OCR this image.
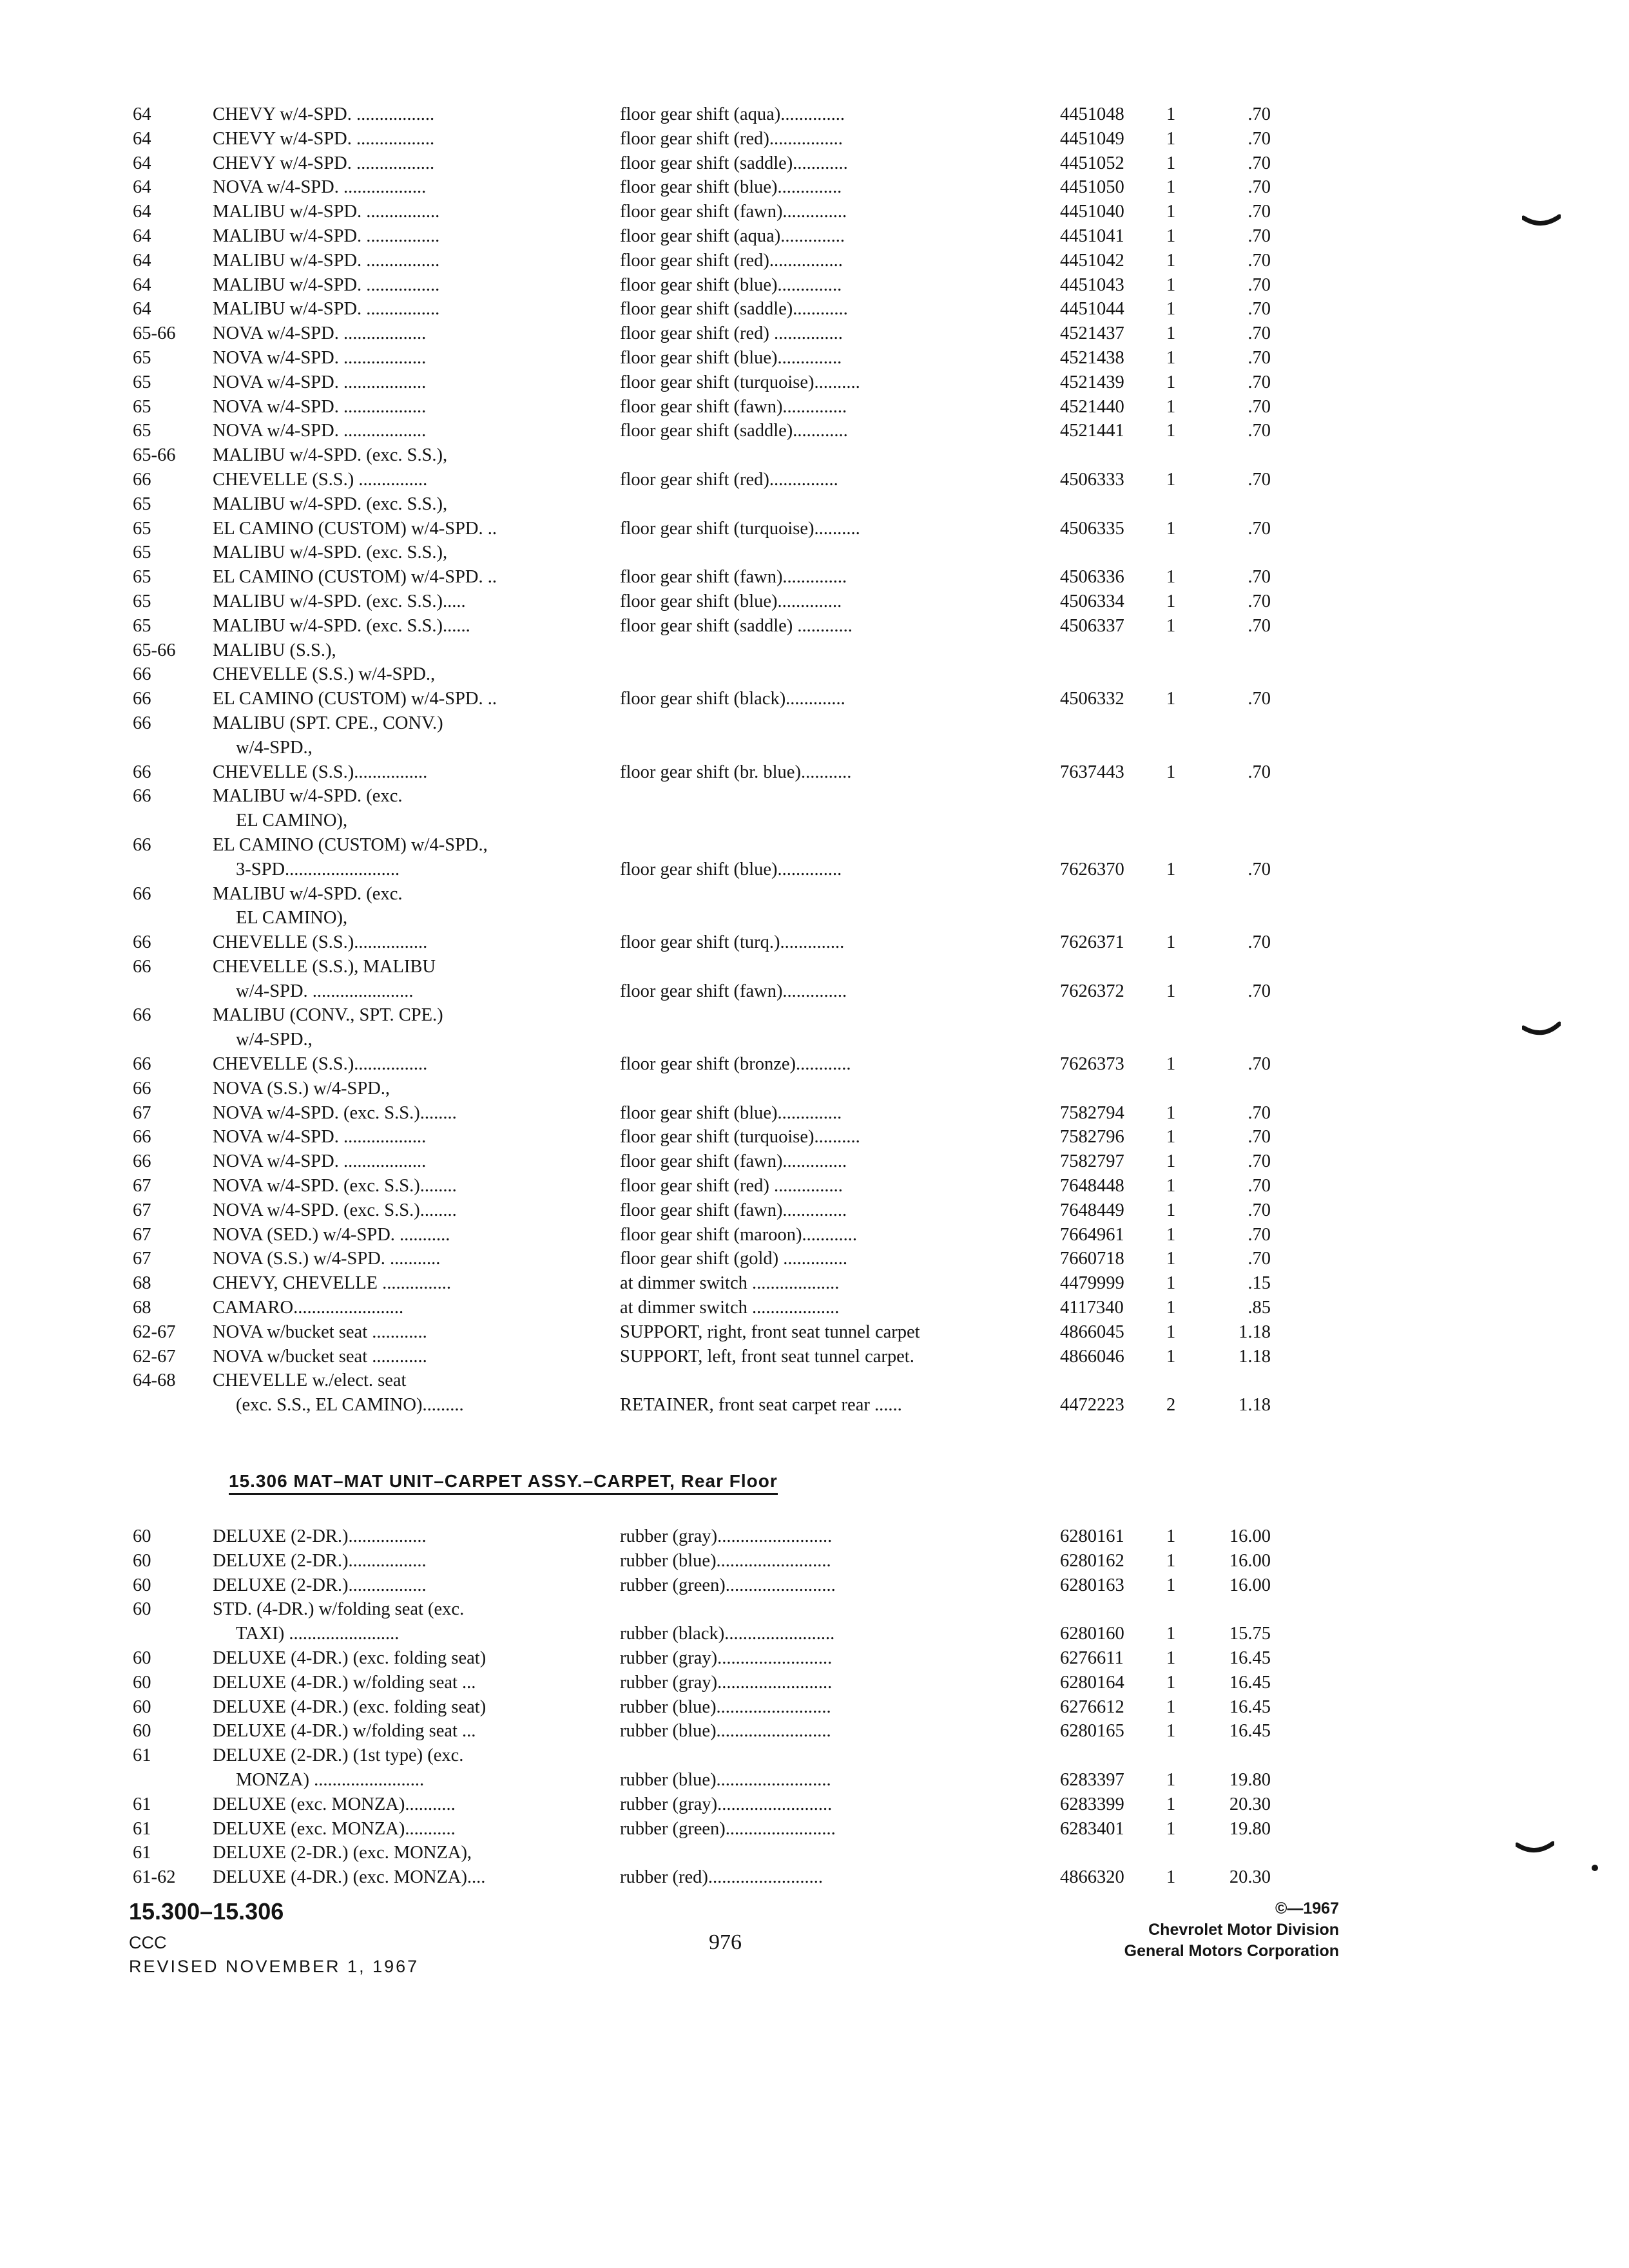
64	CHEVY w/4-SPD. .................	floor gear shift (aqua)..............	4451048 1	.70
64	CHEVY w/4-SPD. .................	floor gear shift (red)................	4451049 1	.70
64	CHEVY w/4-SPD. .................	floor gear shift (saddle)............	4451052 1	.70
64	NOVA w/4-SPD. ..................	floor gear shift (blue)..............	4451050 1	.70
64	MALIBU w/4-SPD. ................	floor gear shift (fawn)..............	4451040 1	.70
64	MALIBU w/4-SPD. ................	floor gear shift (aqua)..............	4451041 1	.70
64	MALIBU w/4-SPD. ................	floor gear shift (red)................	4451042 1	.70
64	MALIBU w/4-SPD. ................	floor gear shift (blue)..............	4451043 1	.70
64	MALIBU w/4-SPD. ................	floor gear shift (saddle)............	4451044 1	.70
65-66 NOVA w/4-SPD. ..................	floor gear shift (red) ...............	4521437 1	.70
65	NOVA w/4-SPD. ..................	floor gear shift (blue)..............	4521438 1	.70
65	NOVA w/4-SPD. ..................	floor gear shift (turquoise)..........	4521439 1	.70
65	NOVA w/4-SPD. ..................	floor gear shift (fawn)..............	4521440 1	.70
65	NOVA w/4-SPD. ..................	floor gear shift (saddle)............	4521441 1	.70
65-66 MALIBU w/4-SPD. (exc. S.S.),
66	CHEVELLE (S.S.) ...............	floor gear shift (red)...............	4506333 1	.70
65	MALIBU w/4-SPD. (exc. S.S.),
65	EL CAMINO (CUSTOM) w/4-SPD. ..	floor gear shift (turquoise)..........	4506335 1	.70
65	MALIBU w/4-SPD. (exc. S.S.),
65	EL CAMINO (CUSTOM) w/4-SPD. ..	floor gear shift (fawn)..............	4506336 1	.70
65	MALIBU w/4-SPD. (exc. S.S.).....	floor gear shift (blue)..............	4506334 1	.70
65	MALIBU w/4-SPD. (exc. S.S.)......	floor gear shift (saddle) ............	4506337 1	.70
65-66 MALIBU (S.S.),
66	CHEVELLE (S.S.) w/4-SPD.,
66	EL CAMINO (CUSTOM) w/4-SPD. ..	floor gear shift (black).............	4506332 1	.70
66	MALIBU (SPT. CPE., CONV.)
w/4-SPD.,
66	CHEVELLE (S.S.)................	floor gear shift (br. blue)...........	7637443 1	.70
66	MALIBU w/4-SPD. (exc.
EL CAMINO),
66	EL CAMINO (CUSTOM) w/4-SPD.,
3-SPD.........................	floor gear shift (blue)..............	7626370 1	.70
66	MALIBU w/4-SPD. (exc.
EL CAMINO),
66	CHEVELLE (S.S.)................	floor gear shift (turq.)..............	7626371 1	.70
66	CHEVELLE (S.S.), MALIBU
w/4-SPD. ......................	floor gear shift (fawn)..............	7626372 1	.70
66	MALIBU (CONV., SPT. CPE.)
w/4-SPD.,
66	CHEVELLE (S.S.)................	floor gear shift (bronze)............	7626373 1	.70
66	NOVA (S.S.) w/4-SPD.,
67	NOVA w/4-SPD. (exc. S.S.)........	floor gear shift (blue)..............	7582794 1	.70
66	NOVA w/4-SPD. ..................	floor gear shift (turquoise)..........	7582796 1	.70
66	NOVA w/4-SPD. ..................	floor gear shift (fawn)..............	7582797 1	.70
67	NOVA w/4-SPD. (exc. S.S.)........	floor gear shift (red) ...............	7648448 1	.70
67	NOVA w/4-SPD. (exc. S.S.)........	floor gear shift (fawn)..............	7648449 1	.70
67	NOVA (SED.) w/4-SPD. ...........	floor gear shift (maroon)............	7664961 1	.70
67	NOVA (S.S.) w/4-SPD. ...........	floor gear shift (gold) ..............	7660718 1	.70
68	CHEVY, CHEVELLE ...............	at dimmer switch ...................	4479999 1	.15
68	CAMARO........................	at dimmer switch ...................	4117340 1	.85
62-67 NOVA w/bucket seat ............	SUPPORT, right, front seat tunnel carpet	4866045 1	1.18
62-67 NOVA w/bucket seat ............	SUPPORT, left, front seat tunnel carpet.	4866046 1	1.18
64-68 CHEVELLE w./elect. seat
(exc. S.S., EL CAMINO).........	RETAINER, front seat carpet rear ......	4472223 2	1.18
15.306 MAT–MAT UNIT–CARPET ASSY.–CARPET, Rear Floor
60	DELUXE (2-DR.).................	rubber (gray).........................	6280161 1	16.00
60	DELUXE (2-DR.).................	rubber (blue).........................	6280162 1	16.00
60	DELUXE (2-DR.).................	rubber (green)........................	6280163 1	16.00
60	STD. (4-DR.) w/folding seat (exc.
TAXI) ........................	rubber (black)........................	6280160 1	15.75
60	DELUXE (4-DR.) (exc. folding seat)	rubber (gray).........................	6276611 1	16.45
60	DELUXE (4-DR.) w/folding seat ...	rubber (gray).........................	6280164 1	16.45
60	DELUXE (4-DR.) (exc. folding seat)	rubber (blue).........................	6276612 1	16.45
60	DELUXE (4-DR.) w/folding seat ...	rubber (blue).........................	6280165 1	16.45
61	DELUXE (2-DR.) (1st type) (exc.
MONZA) ........................	rubber (blue).........................	6283397 1	19.80
61	DELUXE (exc. MONZA)...........	rubber (gray).........................	6283399 1	20.30
61	DELUXE (exc. MONZA)...........	rubber (green)........................	6283401 1	19.80
61	DELUXE (2-DR.) (exc. MONZA),
61-62 DELUXE (4-DR.) (exc. MONZA)....	rubber (red).........................	4866320 1	20.30
15.300–15.306
CCC
REVISED NOVEMBER 1, 1967
976
©—1967
Chevrolet Motor Division
General Motors Corporation
